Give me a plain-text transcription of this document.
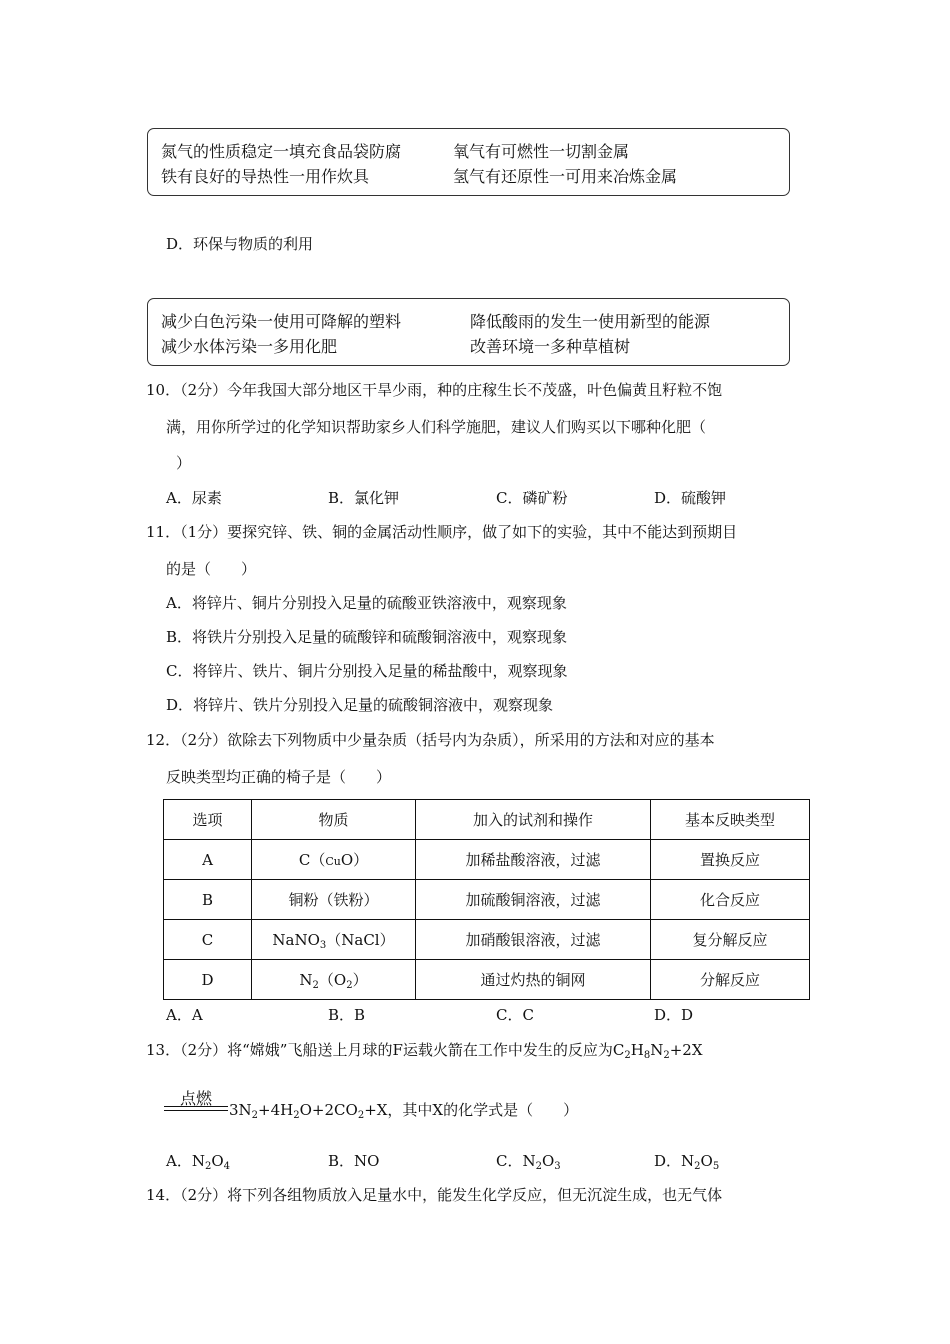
氮气的性质稳定一填充食品袋防腐	氧气有可燃性一切割金属
铁有良好的导热性一用作炊具	氢气有还原性一可用来冶炼金属
D．环保与物质的利用
减少白色污染一使用可降解的塑料	降低酸雨的发生一使用新型的能源
减少水体污染一多用化肥	改善环境一多种草植树
10．（2分）今年我国大部分地区干旱少雨，种的庄稼生长不茂盛，叶色偏黄且籽粒不饱
满，用你所学过的化学知识帮助家乡人们科学施肥，建议人们购买以下哪种化肥（
）
A．尿素	B．氯化钾	C．磷矿粉	D．硫酸钾
11．（1分）要探究锌、铁、铜的金属活动性顺序，做了如下的实验，其中不能达到预期目
的是（　　）
A．将锌片、铜片分别投入足量的硫酸亚铁溶液中，观察现象
B．将铁片分别投入足量的硫酸锌和硫酸铜溶液中，观察现象
C．将锌片、铁片、铜片分别投入足量的稀盐酸中，观察现象
D．将锌片、铁片分别投入足量的硫酸铜溶液中，观察现象
12．（2分）欲除去下列物质中少量杂质（括号内为杂质），所采用的方法和对应的基本
反映类型均正确的椅子是（　　）
选项	物质	加入的试剂和操作	基本反映类型
A	C（CuO）	加稀盐酸溶液，过滤	置换反应
B	铜粉（铁粉）	加硫酸铜溶液，过滤	化合反应
C	NaNO$_3$（NaCl）	加硝酸银溶液，过滤	复分解反应
D	$N_2(O_2)$	通过灼热的铜网	分解反应
A．A	B．B	C．C	D．D
13．（2分）将“嫦娥”飞船送上月球的F运载火箭在工作中发生的反应为$C_2H_8N_2+2X$
点燃
$3N_2+4H_2O+2CO_2+X$，其中X的化学式是（　　）
A．$N_2O_4$	B．NO	C．$N_2O_3$	D．$N_2O_5$
14．（2分）将下列各组物质放入足量水中，能发生化学反应，但无沉淀生成，也无气体
